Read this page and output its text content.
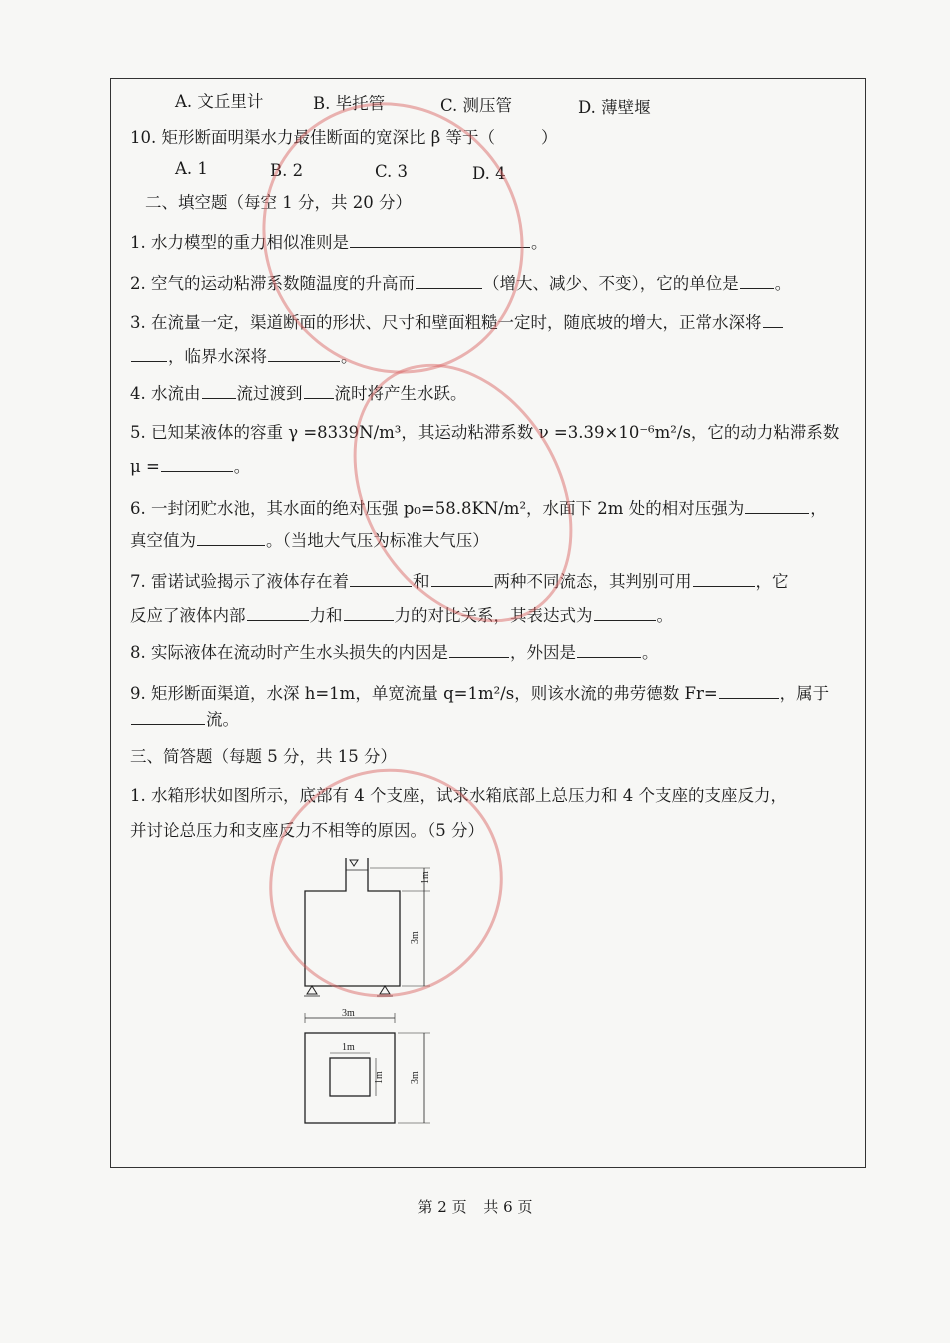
A. 文丘里计	B. 毕托管	C. 测压管	D. 薄壁堰
10. 矩形断面明渠水力最佳断面的宽深比 β 等于（	）
A. 1	B. 2	C. 3	D. 4
二、填空题（每空 1 分，共 20 分）
1. 水力模型的重力相似准则是	。
2. 空气的运动粘滞系数随温度的升高而	（增大、减少、不变），它的单位是 。
3. 在流量一定，渠道断面的形状、尺寸和壁面粗糙一定时，随底坡的增大，正常水深将
，临界水深将	。
4. 水流由 流过渡到 流时将产生水跃。
5. 已知某液体的容重 γ =8339N/m³，其运动粘滞系数 ν =3.39×10⁻⁶m²/s，它的动力粘滞系数
μ =	。
6. 一封闭贮水池，其水面的绝对压强 p₀=58.8KN/m²，水面下 2m 处的相对压强为	，
真空值为	。（当地大气压为标准大气压）
7. 雷诺试验揭示了液体存在着	和	两种不同流态，其判别可用	，它
反应了液体内部	力和	力的对比关系，其表达式为	。
8. 实际液体在流动时产生水头损失的内因是	，外因是	。
9. 矩形断面渠道，水深 h=1m，单宽流量 q=1m²/s，则该水流的弗劳德数 Fr=	，属于
流。
三、简答题（每题 5 分，共 15 分）
1. 水箱形状如图所示，底部有 4 个支座，试求水箱底部上总压力和 4 个支座的支座反力，
并讨论总压力和支座反力不相等的原因。（5 分）
1m
3m
3m
1m
1m	3m
第 2 页 共 6 页
